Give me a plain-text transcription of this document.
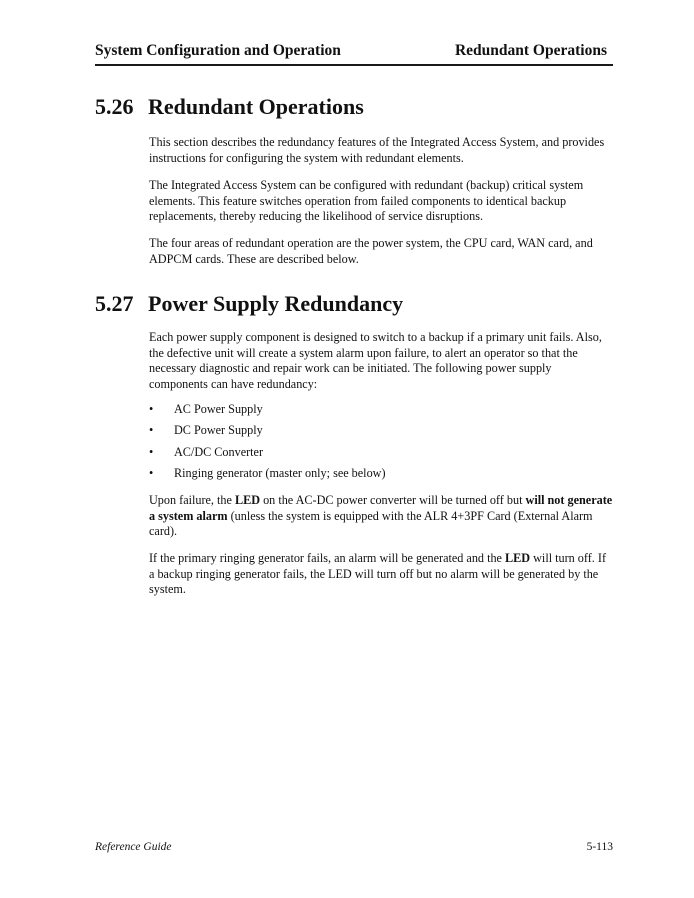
System Configuration and Operation	Redundant Operations
5.26 Redundant Operations

This section describes the redundancy features of the Integrated Access System, and provides instructions for configuring the system with redundant elements.

The Integrated Access System can be configured with redundant (backup) critical system elements. This feature switches operation from failed components to identical backup replacements, thereby reducing the likelihood of service disruptions.

The four areas of redundant operation are the power system, the CPU card, WAN card, and ADPCM cards. These are described below.

5.27 Power Supply Redundancy

Each power supply component is designed to switch to a backup if a primary unit fails. Also, the defective unit will create a system alarm upon failure, to alert an operator so that the necessary diagnostic and repair work can be initiated. The following power supply components can have redundancy:

• AC Power Supply
• DC Power Supply
• AC/DC Converter
• Ringing generator (master only; see below)

Upon failure, the LED on the AC-DC power converter will be turned off but will not generate a system alarm (unless the system is equipped with the ALR 4+3PF Card (External Alarm card).

If the primary ringing generator fails, an alarm will be generated and the LED will turn off. If a backup ringing generator fails, the LED will turn off but no alarm will be generated by the system.

Reference Guide	5-113
